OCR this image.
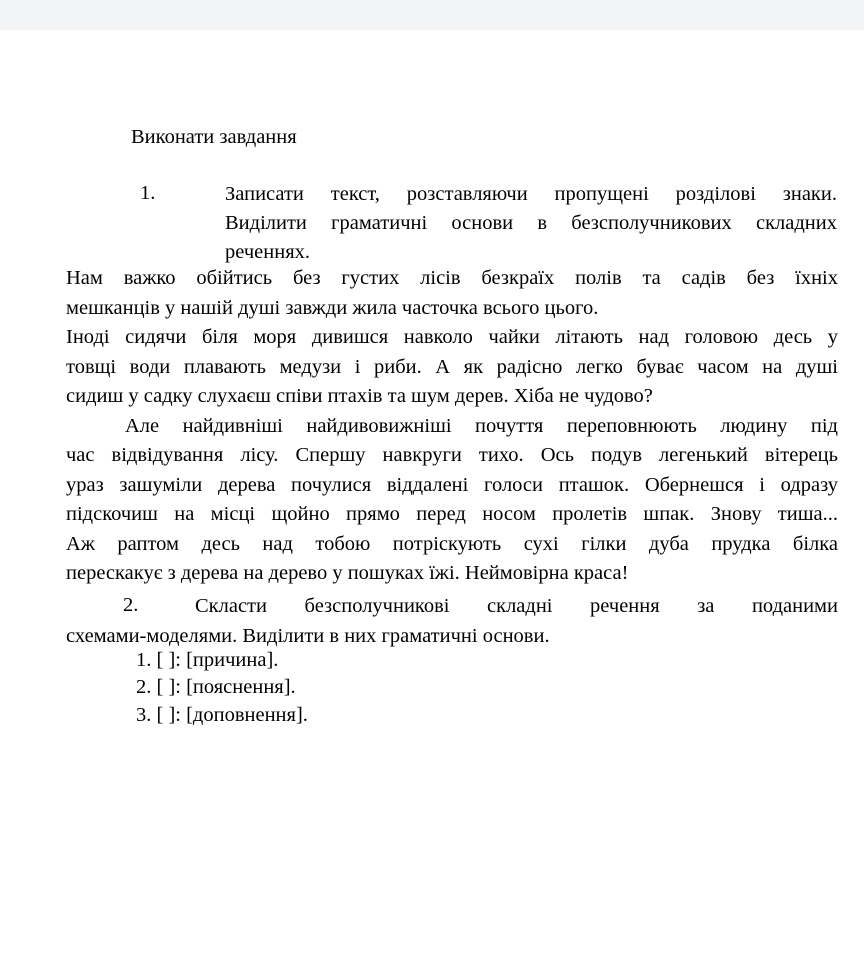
Виконати завдання
1.	Записати текст, розставляючи пропущені розділові знаки.
Виділити граматичні основи в безсполучникових складних
реченнях.
Нам важко обійтись без густих лісів безкраїх полів та садів без їхніх
мешканців у нашій душі завжди жила часточка всього цього.
Іноді сидячи біля моря дивишся навколо чайки літають над головою десь у
товщі води плавають медузи і риби. А як радісно легко буває часом на душі
сидиш у садку слухаєш співи птахів та шум дерев. Хіба не чудово?
Але найдивніші найдивовижніші почуття переповнюють людину під
час відвідування лісу. Спершу навкруги тихо. Ось подув легенький вітерець
ураз зашуміли дерева почулися віддалені голоси пташок. Обернешся і одразу
підскочиш на місці щойно прямо перед носом пролетів шпак. Знову тиша...
Аж раптом десь над тобою потріскують сухі гілки дуба прудка білка
перескакує з дерева на дерево у пошуках їжі. Неймовірна краса!
2.	Скласти безсполучникові складні речення за поданими
схемами-моделями. Виділити в них граматичні основи.
1. [ ]: [причина].
2. [ ]: [пояснення].
3. [ ]: [доповнення].
